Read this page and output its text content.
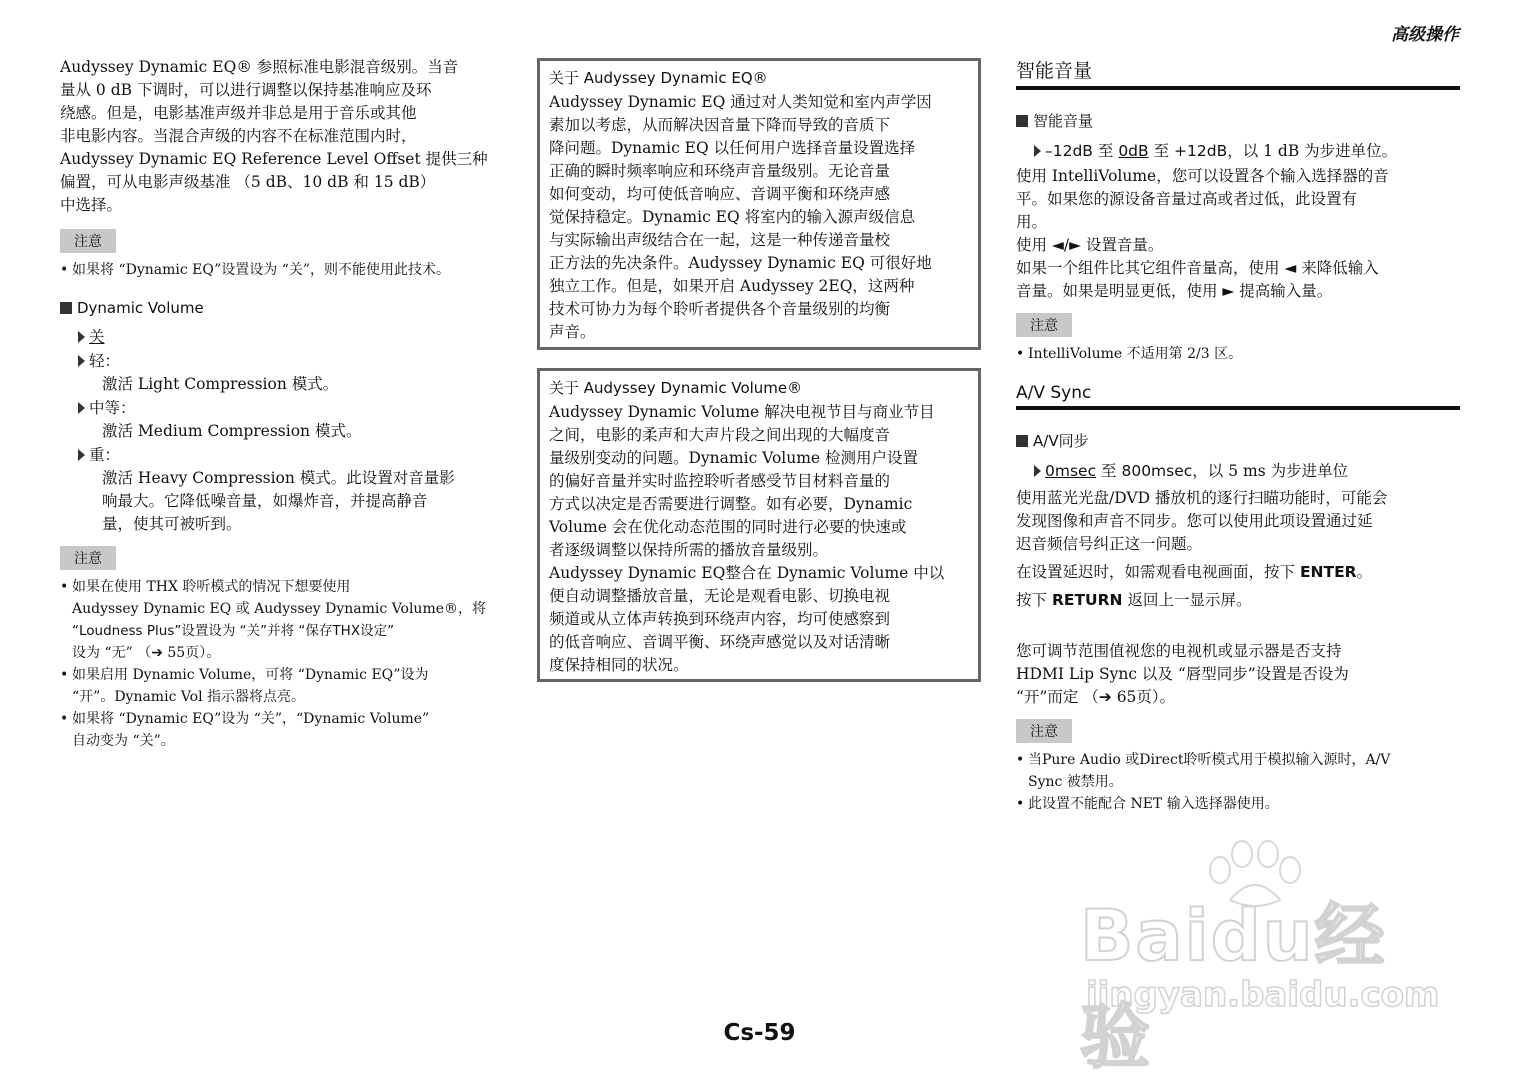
高级操作

Audyssey Dynamic EQ® 参照标准电影混音级别。当音
量从 0 dB 下调时，可以进行调整以保持基准响应及环
绕感。但是，电影基准声级并非总是用于音乐或其他
非电影内容。当混合声级的内容不在标准范围内时，
Audyssey Dynamic EQ Reference Level Offset 提供三种
偏置，可从电影声级基准 （5 dB、10 dB 和 15 dB）
中选择。

注意
• 如果将 “Dynamic EQ”设置设为 “关”，则不能使用此技术。
Dynamic Volume
关
轻：
激活 Light Compression 模式。
中等：
激活 Medium Compression 模式。
重：
激活 Heavy Compression 模式。此设置对音量影
响最大。它降低噪音量，如爆炸音，并提高静音
量，使其可被听到。
注意
• 如果在使用 THX 聆听模式的情况下想要使用
Audyssey Dynamic EQ 或 Audyssey Dynamic Volume®，将
“Loudness Plus”设置设为 “关”并将 “保存THX设定”
设为 “无” （➔ 55页）。
• 如果启用 Dynamic Volume，可将 “Dynamic EQ”设为
“开”。Dynamic Vol 指示器将点亮。
• 如果将 “Dynamic EQ”设为 “关”，“Dynamic Volume”
自动变为 “关”。
关于 Audyssey Dynamic EQ®

Audyssey Dynamic EQ 通过对人类知觉和室内声学因
素加以考虑，从而解决因音量下降而导致的音质下
降问题。Dynamic EQ 以任何用户选择音量设置选择
正确的瞬时频率响应和环绕声音量级别。无论音量
如何变动，均可使低音响应、音调平衡和环绕声感
觉保持稳定。Dynamic EQ 将室内的输入源声级信息
与实际输出声级结合在一起，这是一种传递音量校
正方法的先决条件。Audyssey Dynamic EQ 可很好地
独立工作。但是，如果开启 Audyssey 2EQ，这两种
技术可协力为每个聆听者提供各个音量级别的均衡
声音。

关于 Audyssey Dynamic Volume®

Audyssey Dynamic Volume 解决电视节目与商业节目
之间，电影的柔声和大声片段之间出现的大幅度音
量级别变动的问题。Dynamic Volume 检测用户设置
的偏好音量并实时监控聆听者感受节目材料音量的
方式以决定是否需要进行调整。如有必要，Dynamic
Volume 会在优化动态范围的同时进行必要的快速或
者逐级调整以保持所需的播放音量级别。
Audyssey Dynamic EQ整合在 Dynamic Volume 中以
便自动调整播放音量，无论是观看电影、切换电视
频道或从立体声转换到环绕声内容，均可使感察到
的低音响应、音调平衡、环绕声感觉以及对话清晰
度保持相同的状况。

智能音量
智能音量
–12dB 至 0dB 至 +12dB，以 1 dB 为步进单位。

使用 IntelliVolume，您可以设置各个输入选择器的音
平。如果您的源设备音量过高或者过低，此设置有
用。
使用 ◄/► 设置音量。
如果一个组件比其它组件音量高，使用 ◄ 来降低输入
音量。如果是明显更低，使用 ► 提高输入量。

注意
• IntelliVolume 不适用第 2/3 区。
A/V Sync
A/V同步
0msec 至 800msec，以 5 ms 为步进单位

使用蓝光光盘/DVD 播放机的逐行扫瞄功能时，可能会
发现图像和声音不同步。您可以使用此项设置通过延
迟音频信号纠正这一问题。

在设置延迟时，如需观看电视画面，按下 ENTER。

按下 RETURN 返回上一显示屏。

您可调节范围值视您的电视机或显示器是否支持
HDMI Lip Sync 以及 “唇型同步”设置是否设为
“开”而定 （➔ 65页）。

注意
• 当Pure Audio 或Direct聆听模式用于模拟输入源时，A/V
Sync 被禁用。
• 此设置不能配合 NET 输入选择器使用。
Baidu经验
jingyan.baidu.com
Cs-59
